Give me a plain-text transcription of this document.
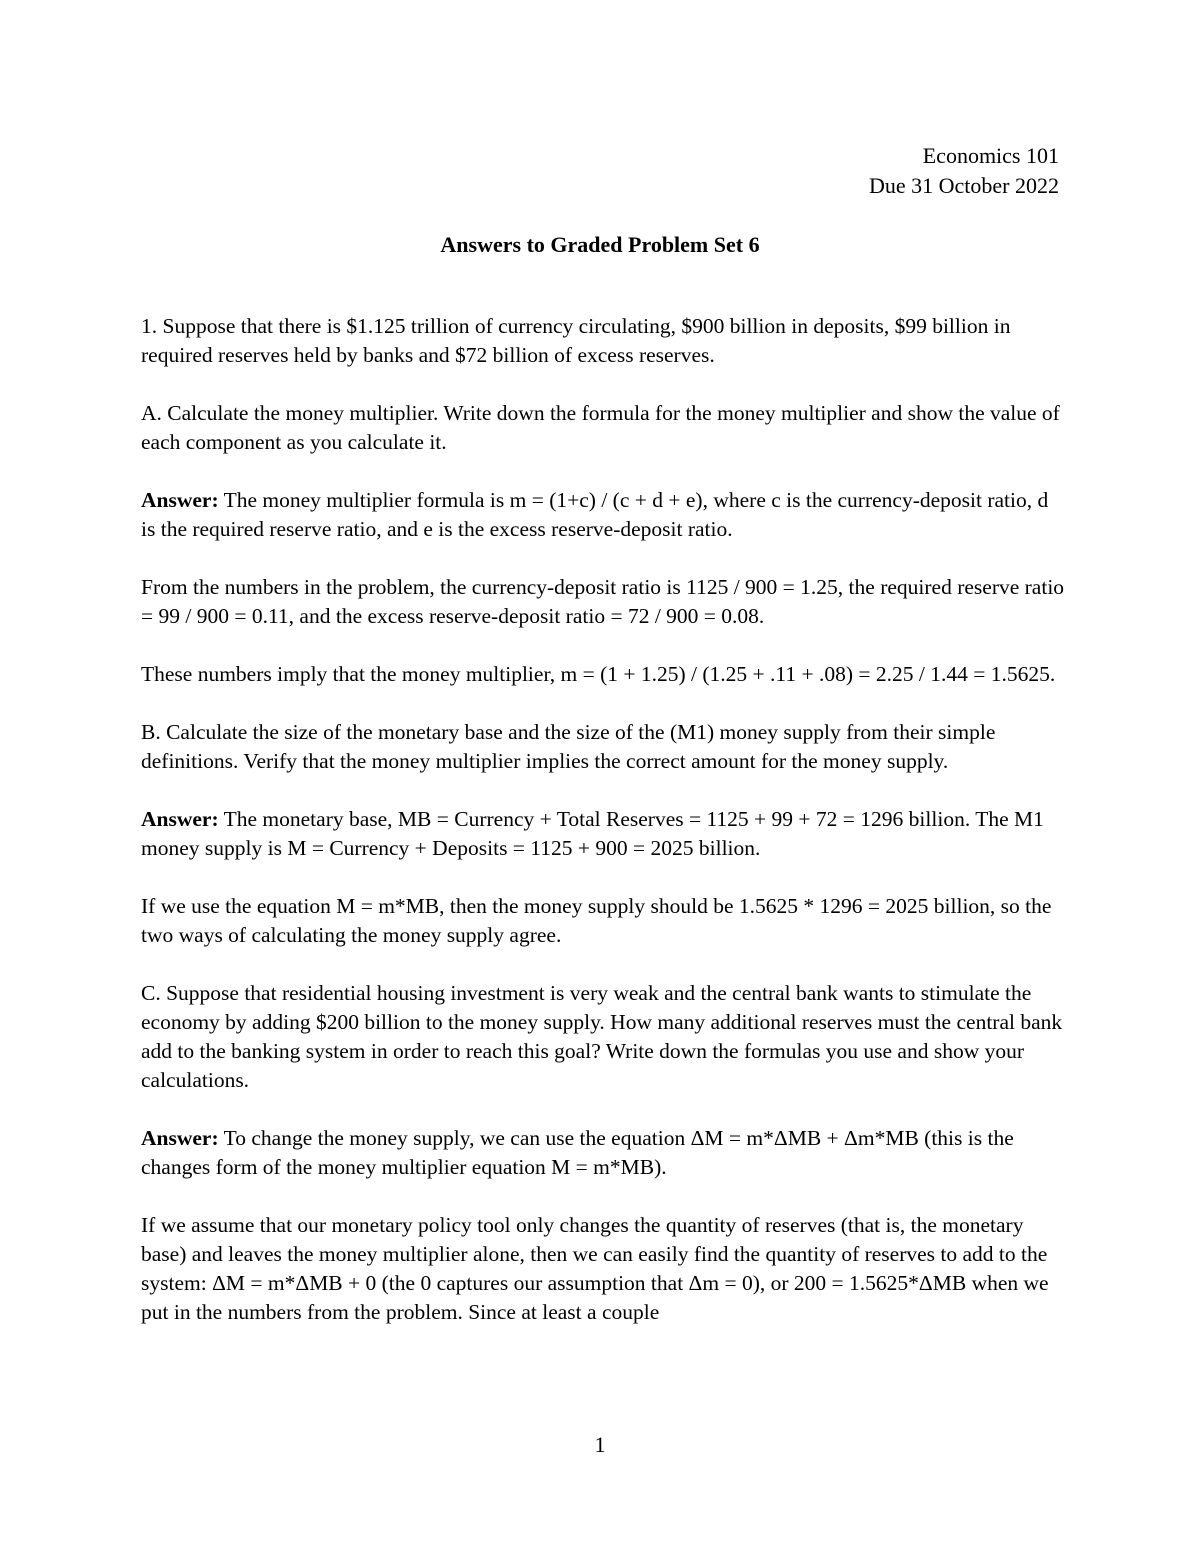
Economics 101
Due 31 October 2022
Answers to Graded Problem Set 6

1. Suppose that there is $1.125 trillion of currency circulating, $900 billion in deposits, $99 billion in required reserves held by banks and $72 billion of excess reserves.

A. Calculate the money multiplier. Write down the formula for the money multiplier and show the value of each component as you calculate it.

Answer: The money multiplier formula is m = (1+c) / (c + d + e), where c is the currency-deposit ratio, d is the required reserve ratio, and e is the excess reserve-deposit ratio.

From the numbers in the problem, the currency-deposit ratio is 1125 / 900 = 1.25, the required reserve ratio = 99 / 900 = 0.11, and the excess reserve-deposit ratio = 72 / 900 = 0.08.

These numbers imply that the money multiplier, m = (1 + 1.25) / (1.25 + .11 + .08) = 2.25 / 1.44 = 1.5625.

B. Calculate the size of the monetary base and the size of the (M1) money supply from their simple definitions. Verify that the money multiplier implies the correct amount for the money supply.

Answer: The monetary base, MB = Currency + Total Reserves = 1125 + 99 + 72 = 1296 billion. The M1 money supply is M = Currency + Deposits = 1125 + 900 = 2025 billion.

If we use the equation M = m*MB, then the money supply should be 1.5625 * 1296 = 2025 billion, so the two ways of calculating the money supply agree.

C. Suppose that residential housing investment is very weak and the central bank wants to stimulate the economy by adding $200 billion to the money supply. How many additional reserves must the central bank add to the banking system in order to reach this goal? Write down the formulas you use and show your calculations.

Answer: To change the money supply, we can use the equation ΔM = m*ΔMB + Δm*MB (this is the changes form of the money multiplier equation M = m*MB).

If we assume that our monetary policy tool only changes the quantity of reserves (that is, the monetary base) and leaves the money multiplier alone, then we can easily find the quantity of reserves to add to the system: ΔM = m*ΔMB + 0 (the 0 captures our assumption that Δm = 0), or 200 = 1.5625*ΔMB when we put in the numbers from the problem. Since at least a couple

1
